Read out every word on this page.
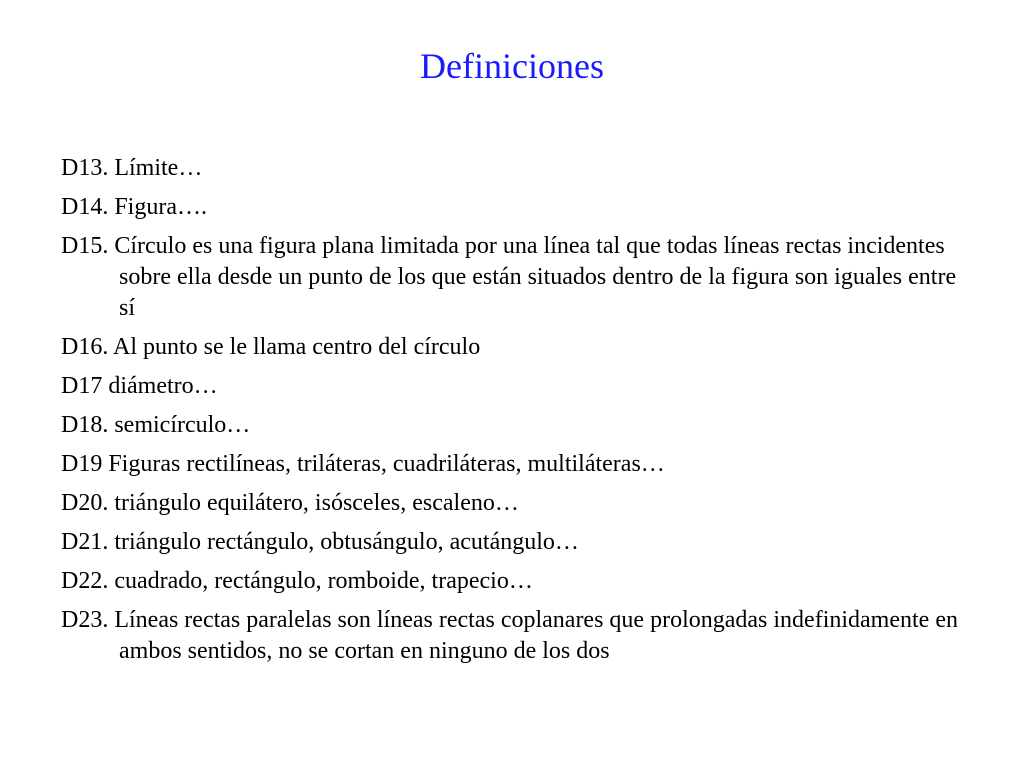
Definiciones
D13. Límite…
D14. Figura….
D15. Círculo es una figura plana limitada por una línea tal que todas líneas rectas incidentes sobre ella desde un punto de los que están situados dentro de la figura son iguales entre sí
D16. Al punto se le llama centro del círculo
D17 diámetro…
D18. semicírculo…
D19 Figuras rectilíneas, triláteras, cuadriláteras, multiláteras…
D20. triángulo equilátero, isósceles, escaleno…
D21. triángulo rectángulo, obtusángulo, acutángulo…
D22. cuadrado, rectángulo, romboide, trapecio…
D23. Líneas rectas paralelas son líneas rectas coplanares que prolongadas indefinidamente en ambos sentidos, no se cortan en ninguno de los dos
